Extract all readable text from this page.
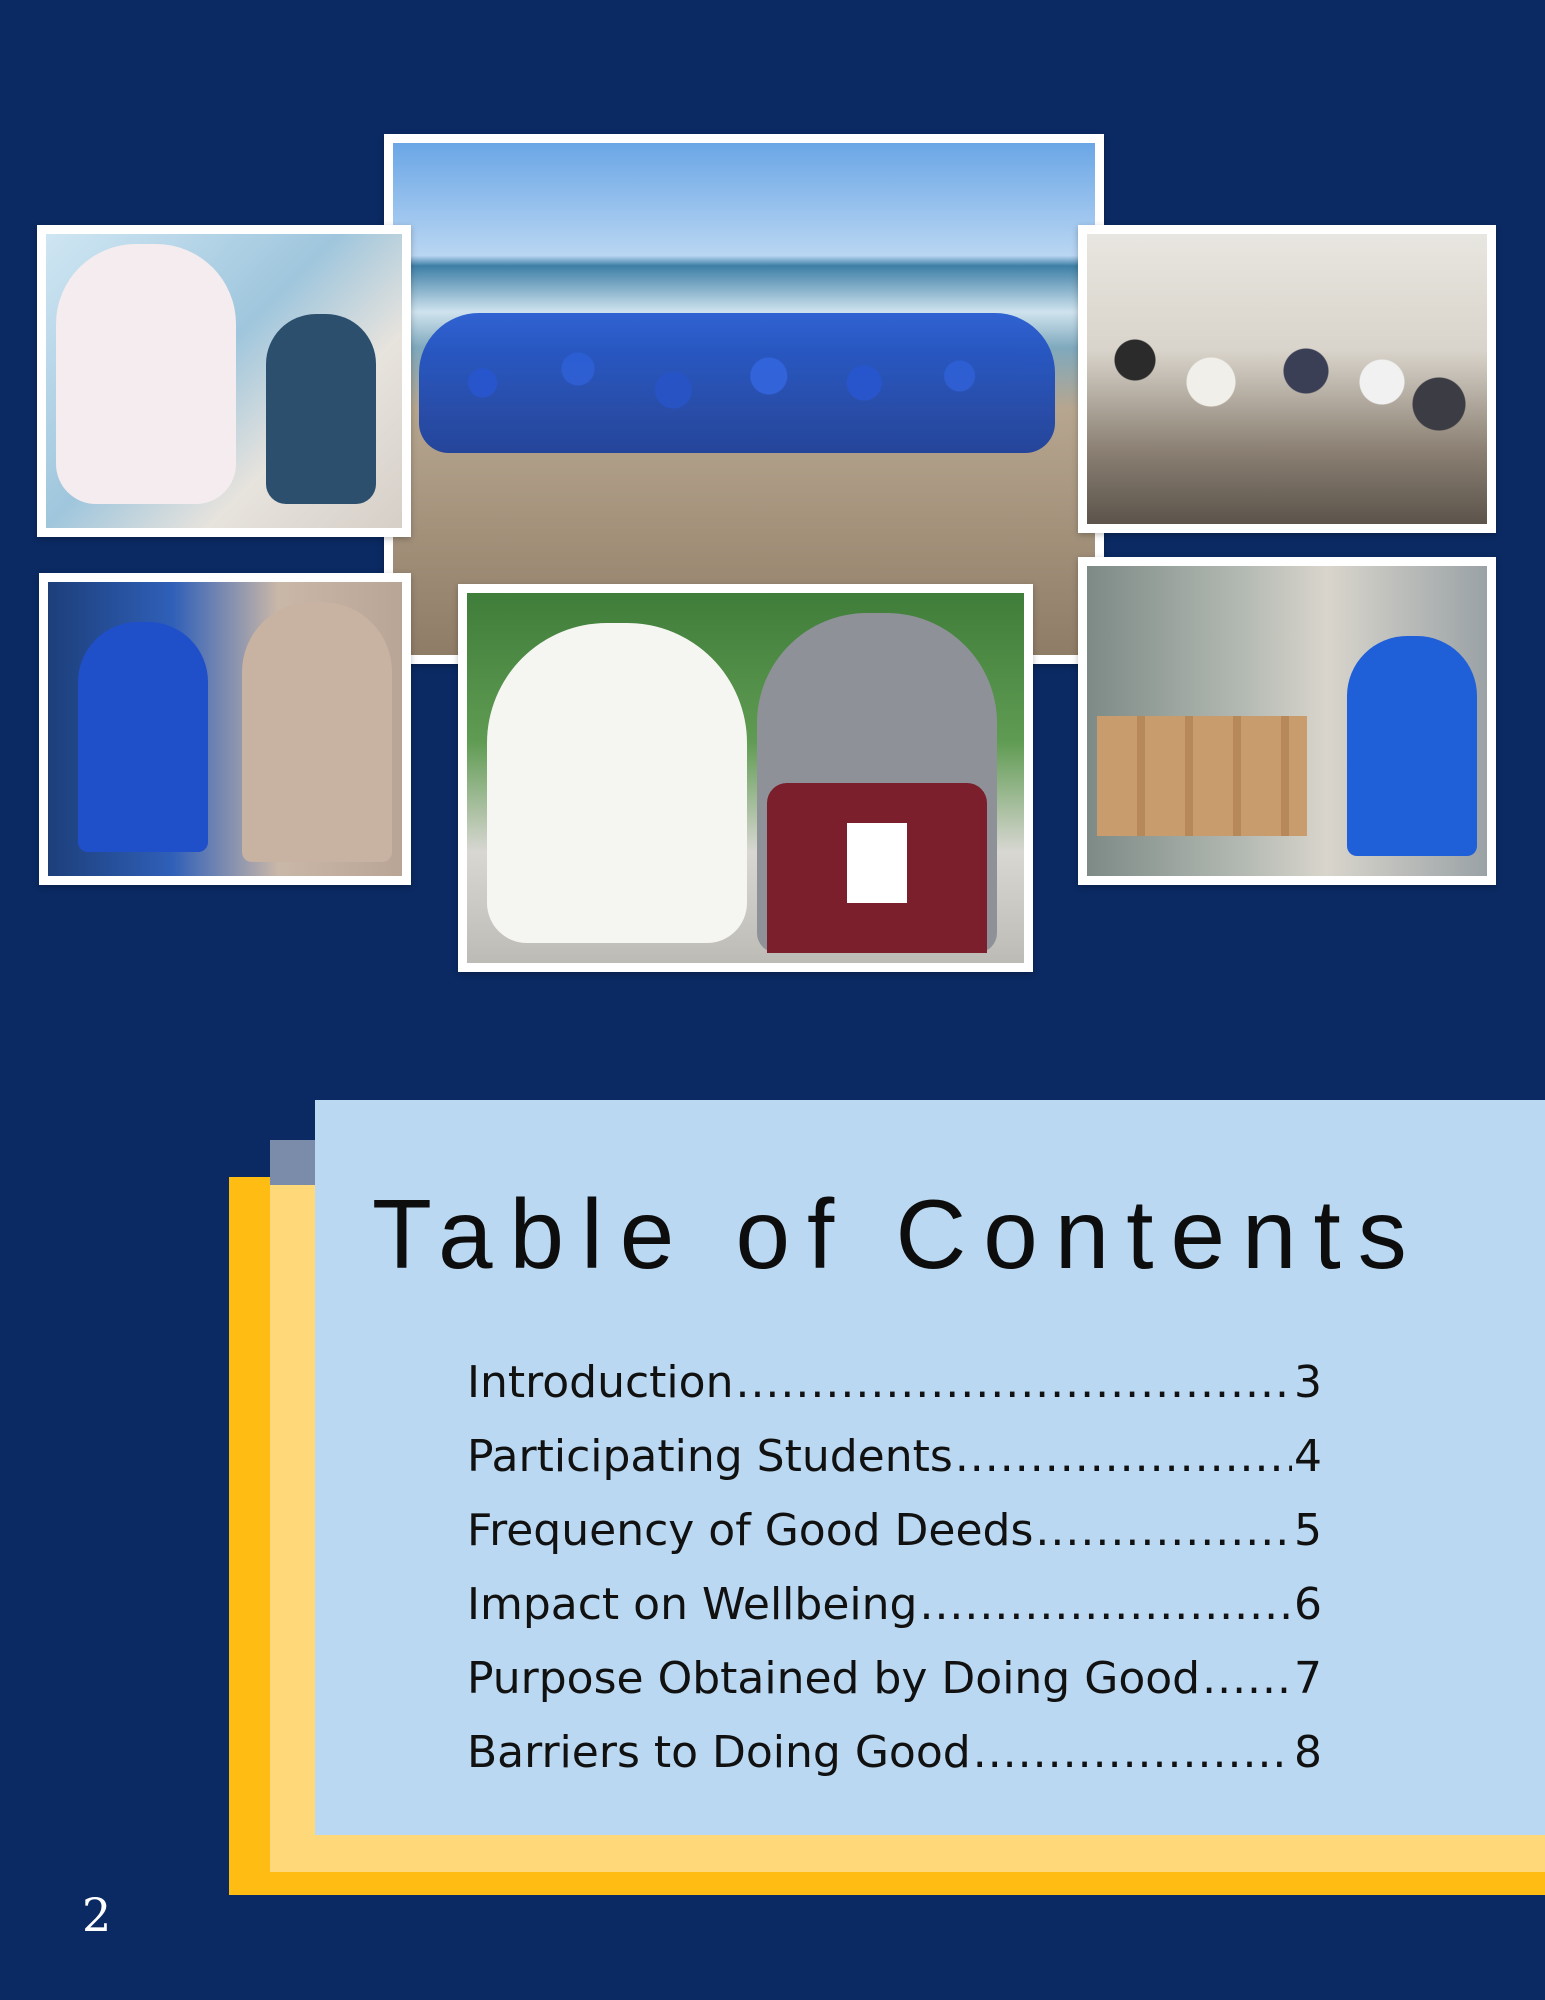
Table of Contents
Introduction .....	3
Participating Students .....	4
Frequency of Good Deeds .....	5
Impact on Wellbeing .....	6
Purpose Obtained by Doing Good ..... 7
Barriers to Doing Good .....	8
2
